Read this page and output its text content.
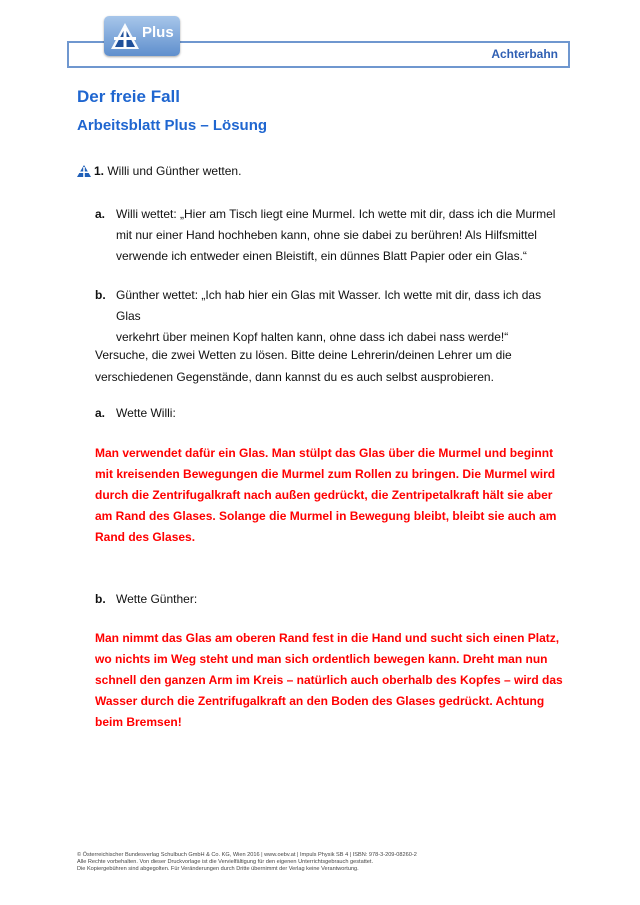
Achterbahn
Plus
Der freie Fall
Arbeitsblatt Plus – Lösung
1. Willi und Günther wetten.
a. Willi wettet: „Hier am Tisch liegt eine Murmel. Ich wette mit dir, dass ich die Murmel
mit nur einer Hand hochheben kann, ohne sie dabei zu berühren! Als Hilfsmittel
verwende ich entweder einen Bleistift, ein dünnes Blatt Papier oder ein Glas.“
b. Günther wettet: „Ich hab hier ein Glas mit Wasser. Ich wette mit dir, dass ich das Glas
verkehrt über meinen Kopf halten kann, ohne dass ich dabei nass werde!“
Versuche, die zwei Wetten zu lösen. Bitte deine Lehrerin/deinen Lehrer um die
verschiedenen Gegenstände, dann kannst du es auch selbst ausprobieren.
a. Wette Willi:
Man verwendet dafür ein Glas. Man stülpt das Glas über die Murmel und beginnt
mit kreisenden Bewegungen die Murmel zum Rollen zu bringen. Die Murmel wird
durch die Zentrifugalkraft nach außen gedrückt, die Zentripetalkraft hält sie aber
am Rand des Glases. Solange die Murmel in Bewegung bleibt, bleibt sie auch am
Rand des Glases.
b. Wette Günther:
Man nimmt das Glas am oberen Rand fest in die Hand und sucht sich einen Platz,
wo nichts im Weg steht und man sich ordentlich bewegen kann. Dreht man nun
schnell den ganzen Arm im Kreis – natürlich auch oberhalb des Kopfes – wird das
Wasser durch die Zentrifugalkraft an den Boden des Glases gedrückt. Achtung
beim Bremsen!
© Österreichischer Bundesverlag Schulbuch GmbH & Co. KG, Wien 2016 | www.oebv.at | Impuls Physik SB 4 | ISBN: 978-3-209-08260-2
Alle Rechte vorbehalten. Von dieser Druckvorlage ist die Vervielfältigung für den eigenen Unterrichtsgebrauch gestattet.
Die Kopiergebühren sind abgegolten. Für Veränderungen durch Dritte übernimmt der Verlag keine Verantwortung.
